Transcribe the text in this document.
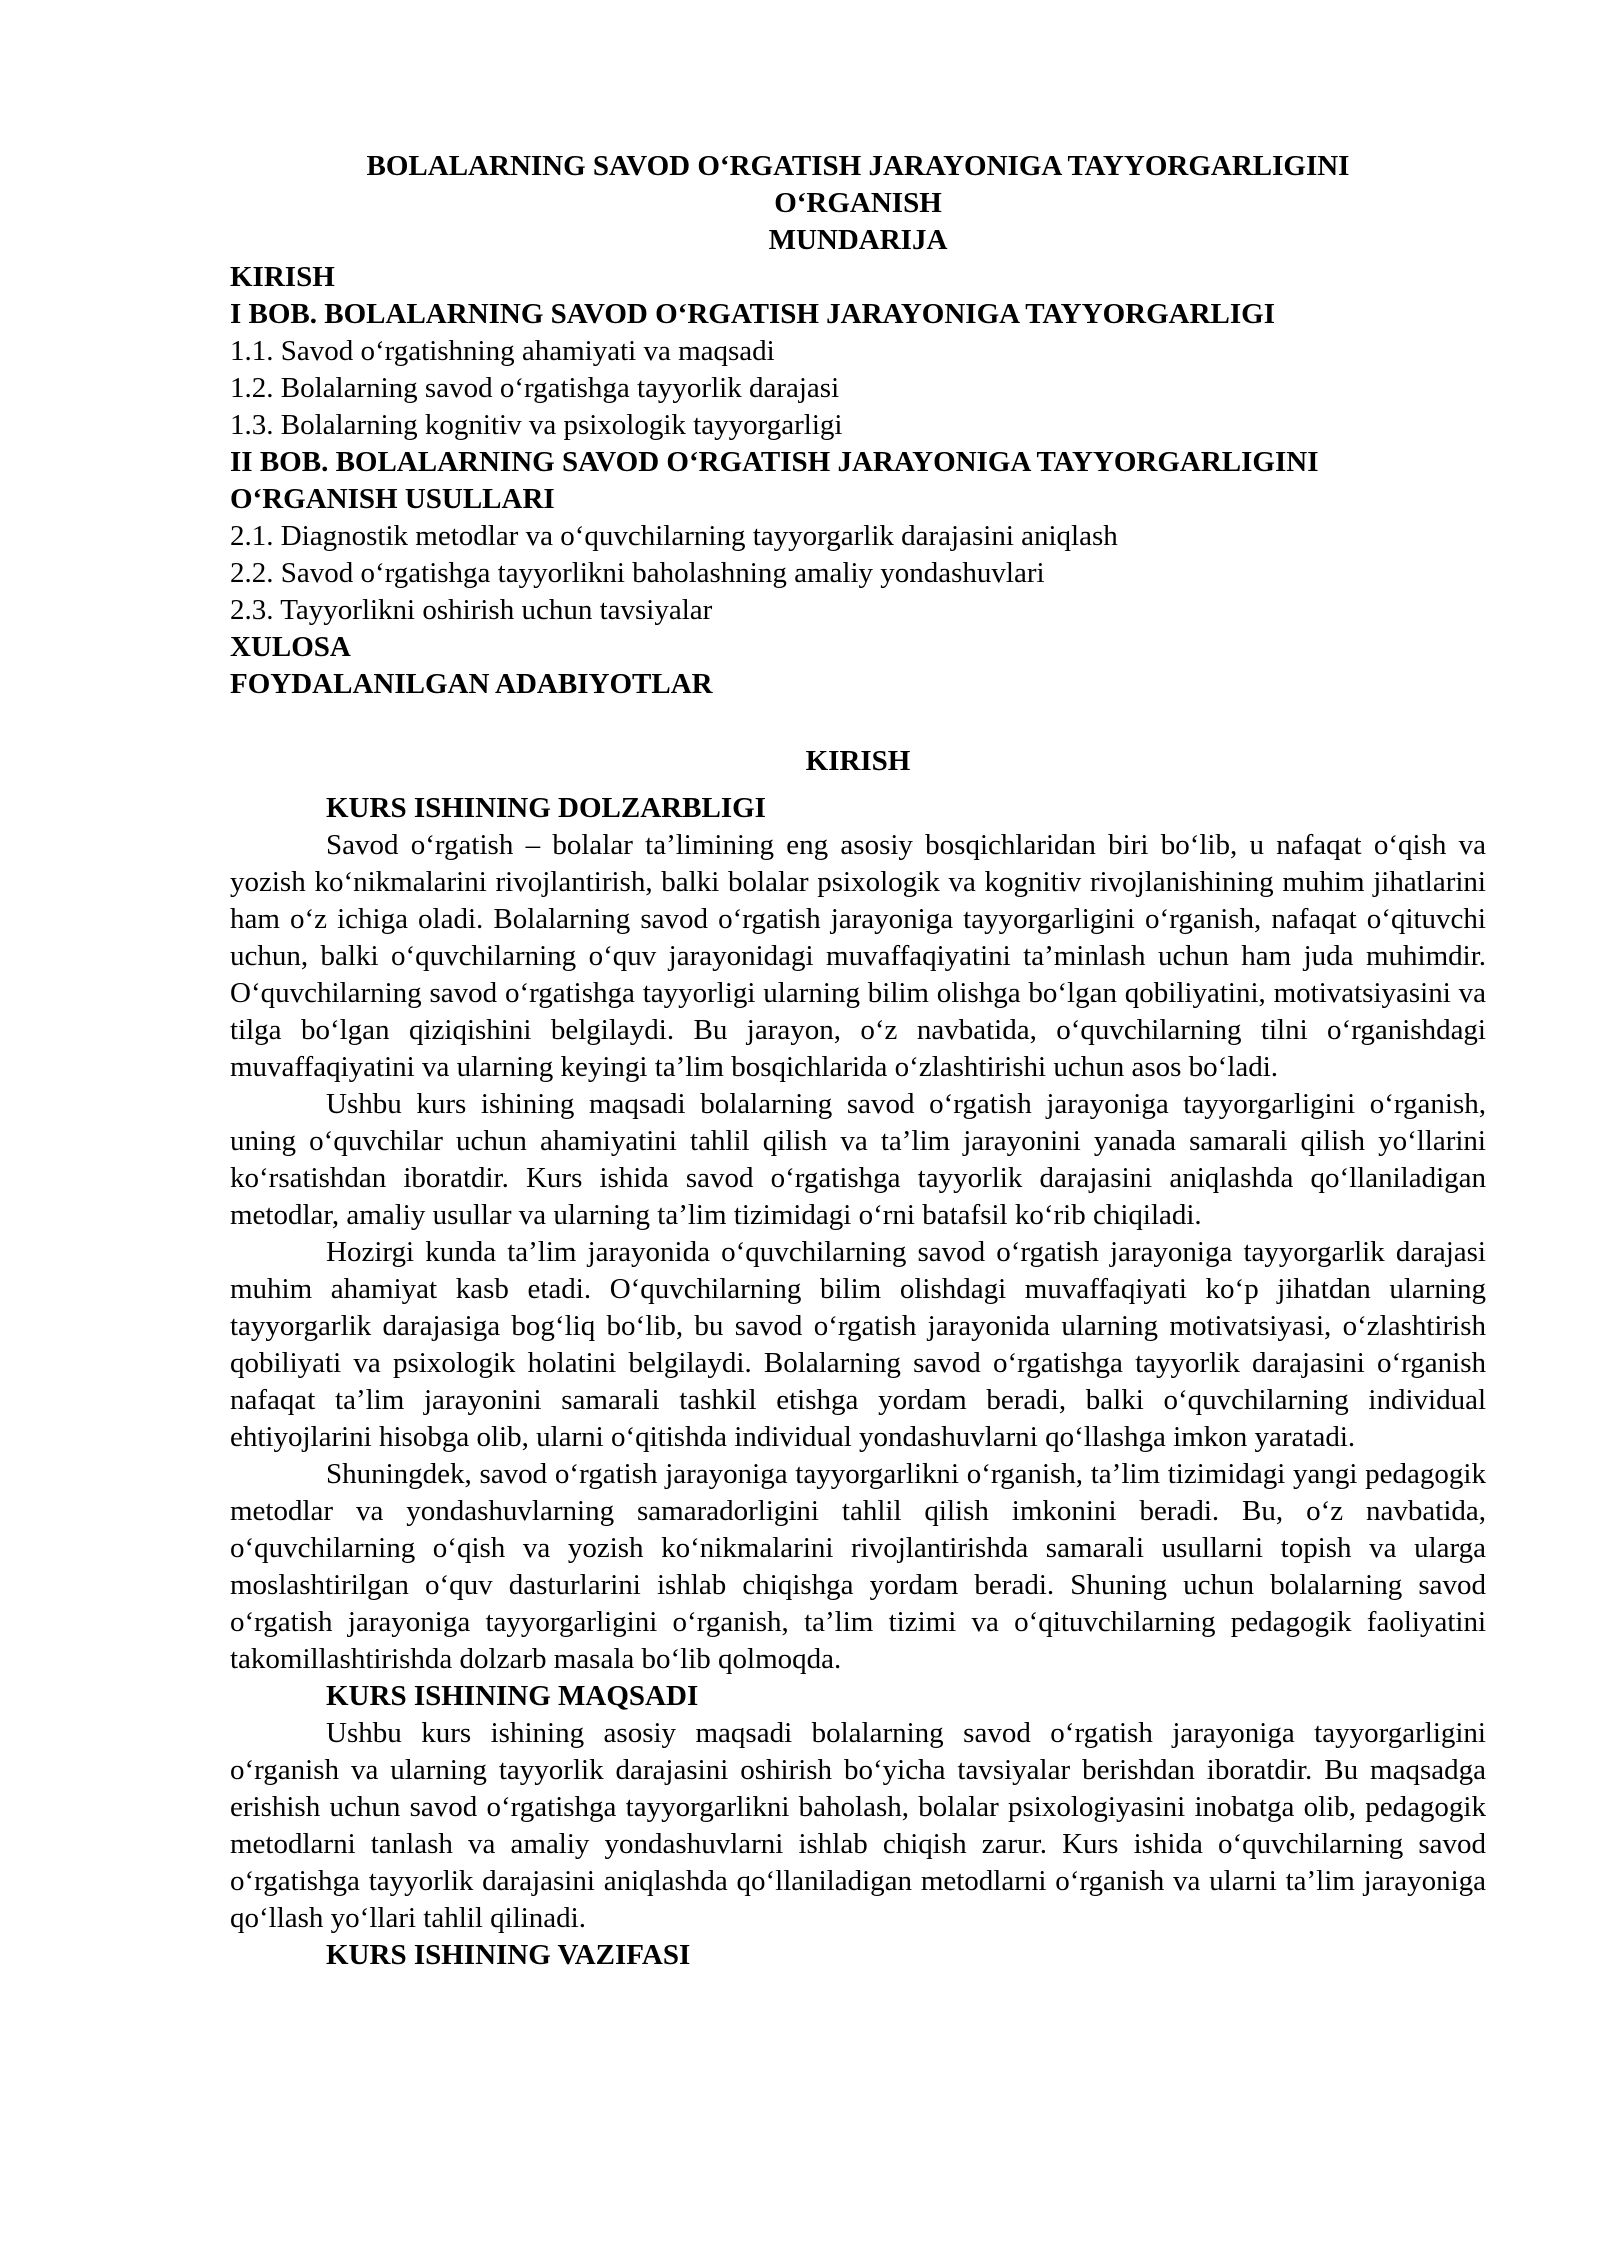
BOLALARNING SAVOD O‘RGATISH JARAYONIGA TAYYORGARLIGINI

O‘RGANISH

MUNDARIJA

KIRISH

I BOB. BOLALARNING SAVOD O‘RGATISH JARAYONIGA TAYYORGARLIGI

1.1. Savod o‘rgatishning ahamiyati va maqsadi

1.2. Bolalarning savod o‘rgatishga tayyorlik darajasi

1.3. Bolalarning kognitiv va psixologik tayyorgarligi

II BOB. BOLALARNING SAVOD O‘RGATISH JARAYONIGA TAYYORGARLIGINI

O‘RGANISH USULLARI

2.1. Diagnostik metodlar va o‘quvchilarning tayyorgarlik darajasini aniqlash

2.2. Savod o‘rgatishga tayyorlikni baholashning amaliy yondashuvlari

2.3. Tayyorlikni oshirish uchun tavsiyalar

XULOSA

FOYDALANILGAN ADABIYOTLAR

KIRISH

KURS ISHINING DOLZARBLIGI

Savod o‘rgatish – bolalar ta’limining eng asosiy bosqichlaridan biri bo‘lib, u nafaqat o‘qish va yozish ko‘nikmalarini rivojlantirish, balki bolalar psixologik va kognitiv rivojlanishining muhim jihatlarini ham o‘z ichiga oladi. Bolalarning savod o‘rgatish jarayoniga tayyorgarligini o‘rganish, nafaqat o‘qituvchi uchun, balki o‘quvchilarning o‘quv jarayonidagi muvaffaqiyatini ta’minlash uchun ham juda muhimdir. O‘quvchilarning savod o‘rgatishga tayyorligi ularning bilim olishga bo‘lgan qobiliyatini, motivatsiyasini va tilga bo‘lgan qiziqishini belgilaydi. Bu jarayon, o‘z navbatida, o‘quvchilarning tilni o‘rganishdagi muvaffaqiyatini va ularning keyingi ta’lim bosqichlarida o‘zlashtirishi uchun asos bo‘ladi.

Ushbu kurs ishining maqsadi bolalarning savod o‘rgatish jarayoniga tayyorgarligini o‘rganish, uning o‘quvchilar uchun ahamiyatini tahlil qilish va ta’lim jarayonini yanada samarali qilish yo‘llarini ko‘rsatishdan iboratdir. Kurs ishida savod o‘rgatishga tayyorlik darajasini aniqlashda qo‘llaniladigan metodlar, amaliy usullar va ularning ta’lim tizimidagi o‘rni batafsil ko‘rib chiqiladi.

Hozirgi kunda ta’lim jarayonida o‘quvchilarning savod o‘rgatish jarayoniga tayyorgarlik darajasi muhim ahamiyat kasb etadi. O‘quvchilarning bilim olishdagi muvaffaqiyati ko‘p jihatdan ularning tayyorgarlik darajasiga bog‘liq bo‘lib, bu savod o‘rgatish jarayonida ularning motivatsiyasi, o‘zlashtirish qobiliyati va psixologik holatini belgilaydi. Bolalarning savod o‘rgatishga tayyorlik darajasini o‘rganish nafaqat ta’lim jarayonini samarali tashkil etishga yordam beradi, balki o‘quvchilarning individual ehtiyojlarini hisobga olib, ularni o‘qitishda individual yondashuvlarni qo‘llashga imkon yaratadi.

Shuningdek, savod o‘rgatish jarayoniga tayyorgarlikni o‘rganish, ta’lim tizimidagi yangi pedagogik metodlar va yondashuvlarning samaradorligini tahlil qilish imkonini beradi. Bu, o‘z navbatida, o‘quvchilarning o‘qish va yozish ko‘nikmalarini rivojlantirishda samarali usullarni topish va ularga moslashtirilgan o‘quv dasturlarini ishlab chiqishga yordam beradi. Shuning uchun bolalarning savod o‘rgatish jarayoniga tayyorgarligini o‘rganish, ta’lim tizimi va o‘qituvchilarning pedagogik faoliyatini takomillashtirishda dolzarb masala bo‘lib qolmoqda.

KURS ISHINING MAQSADI

Ushbu kurs ishining asosiy maqsadi bolalarning savod o‘rgatish jarayoniga tayyorgarligini o‘rganish va ularning tayyorlik darajasini oshirish bo‘yicha tavsiyalar berishdan iboratdir. Bu maqsadga erishish uchun savod o‘rgatishga tayyorgarlikni baholash, bolalar psixologiyasini inobatga olib, pedagogik metodlarni tanlash va amaliy yondashuvlarni ishlab chiqish zarur. Kurs ishida o‘quvchilarning savod o‘rgatishga tayyorlik darajasini aniqlashda qo‘llaniladigan metodlarni o‘rganish va ularni ta’lim jarayoniga qo‘llash yo‘llari tahlil qilinadi.

KURS ISHINING VAZIFASI
